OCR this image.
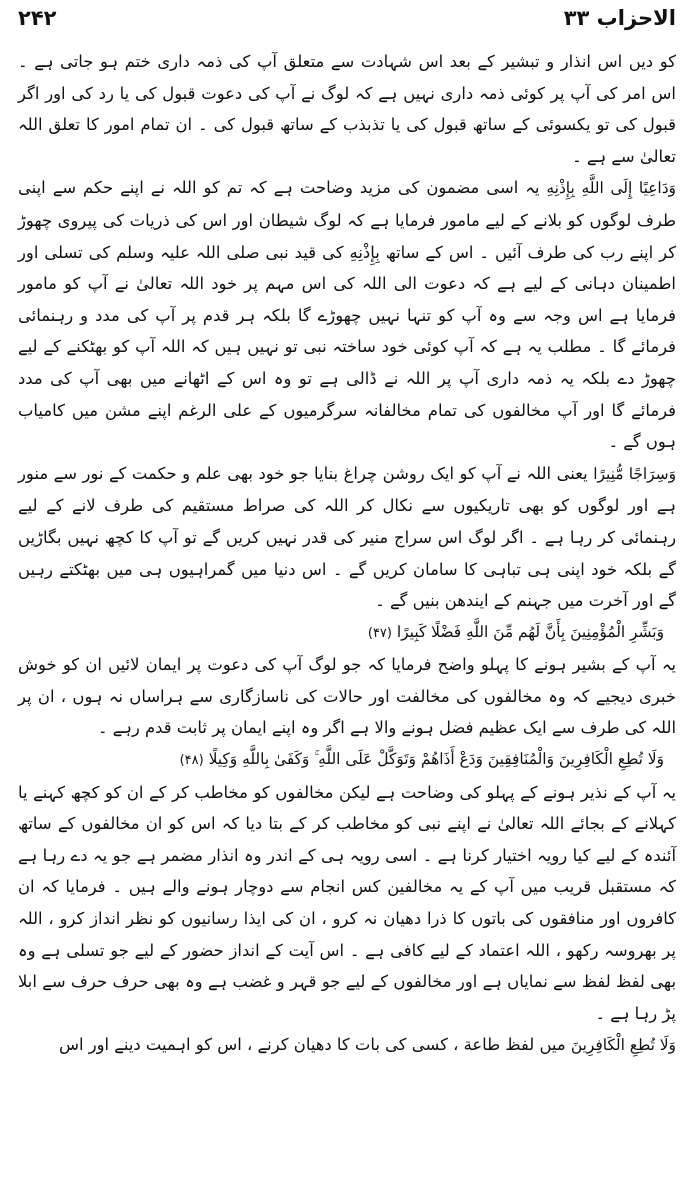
۲۴۲	الاحزاب ۳۳

کو دیں اس انذار و تبشیر کے بعد اس شہادت سے متعلق آپ کی ذمہ داری ختم ہو جاتی ہے ۔ اس امر کی آپ پر کوئی ذمہ داری نہیں ہے کہ لوگ نے آپ کی دعوت قبول کی یا رد کی اور اگر قبول کی تو یکسوئی کے ساتھ قبول کی یا تذبذب کے ساتھ قبول کی ۔ ان تمام امور کا تعلق اللہ تعالیٰ سے ہے ۔

وَدَاعِيًا إِلَى اللَّهِ بِإِذْنِهِ یہ اسی مضمون کی مزید وضاحت ہے کہ تم کو اللہ نے اپنے حکم سے اپنی طرف لوگوں کو بلانے کے لیے مامور فرمایا ہے کہ لوگ شیطان اور اس کی ذریات کی پیروی چھوڑ کر اپنے رب کی طرف آئیں ۔ اس کے ساتھ بِإِذْنِهِ کی قید نبی صلی اللہ علیہ وسلم کی تسلی اور اطمینان دہانی کے لیے ہے کہ دعوت الی اللہ کی اس مہم پر خود اللہ تعالیٰ نے آپ کو مامور فرمایا ہے اس وجہ سے وہ آپ کو تنہا نہیں چھوڑے گا بلکہ ہر قدم پر آپ کی مدد و رہنمائی فرمائے گا ۔ مطلب یہ ہے کہ آپ کوئی خود ساختہ نبی تو نہیں ہیں کہ اللہ آپ کو بھٹکنے کے لیے چھوڑ دے بلکہ یہ ذمہ داری آپ پر اللہ نے ڈالی ہے تو وہ اس کے اٹھانے میں بھی آپ کی مدد فرمائے گا اور آپ مخالفوں کی تمام مخالفانہ سرگرمیوں کے علی الرغم اپنے مشن میں کامیاب ہوں گے ۔

وَسِرَاجًا مُّنِيرًا یعنی اللہ نے آپ کو ایک روشن چراغ بنایا جو خود بھی علم و حکمت کے نور سے منور ہے اور لوگوں کو بھی تاریکیوں سے نکال کر اللہ کی صراط مستقیم کی طرف لانے کے لیے رہنمائی کر رہا ہے ۔ اگر لوگ اس سراج منیر کی قدر نہیں کریں گے تو آپ کا کچھ نہیں بگاڑیں گے بلکہ خود اپنی ہی تباہی کا سامان کریں گے ۔ اس دنیا میں گمراہیوں ہی میں بھٹکتے رہیں گے اور آخرت میں جہنم کے ایندھن بنیں گے ۔

وَبَشِّرِ الْمُؤْمِنِينَ بِأَنَّ لَهُم مِّنَ اللَّهِ فَضْلًا كَبِيرًا (۴۷)

یہ آپ کے بشیر ہونے کا پہلو واضح فرمایا کہ جو لوگ آپ کی دعوت پر ایمان لائیں ان کو خوش خبری دیجیے کہ وہ مخالفوں کی مخالفت اور حالات کی ناسازگاری سے ہراساں نہ ہوں ، ان پر اللہ کی طرف سے ایک عظیم فضل ہونے والا ہے اگر وہ اپنے ایمان پر ثابت قدم رہے ۔

وَلَا تُطِعِ الْكَافِرِينَ وَالْمُنَافِقِينَ وَدَعْ أَذَاهُمْ وَتَوَكَّلْ عَلَى اللَّهِ ۚ وَكَفَىٰ بِاللَّهِ وَكِيلًا (۴۸)

یہ آپ کے نذیر ہونے کے پہلو کی وضاحت ہے لیکن مخالفوں کو مخاطب کر کے ان کو کچھ کہنے یا کہلانے کے بجائے اللہ تعالیٰ نے اپنے نبی کو مخاطب کر کے بتا دیا کہ اس کو ان مخالفوں کے ساتھ آئندہ کے لیے کیا رویہ اختیار کرنا ہے ۔ اسی رویہ ہی کے اندر وہ انذار مضمر ہے جو یہ دے رہا ہے کہ مستقبل قریب میں آپ کے یہ مخالفین کس انجام سے دوچار ہونے والے ہیں ۔ فرمایا کہ ان کافروں اور منافقوں کی باتوں کا ذرا دھیان نہ کرو ، ان کی ایذا رسانیوں کو نظر انداز کرو ، اللہ پر بھروسہ رکھو ، اللہ اعتماد کے لیے کافی ہے ۔ اس آیت کے انداز حضور کے لیے جو تسلی ہے وہ بھی لفظ لفظ سے نمایاں ہے اور مخالفوں کے لیے جو قہر و غضب ہے وہ بھی حرف حرف سے ابلا پڑ رہا ہے ۔

وَلَا تُطِعِ الْكَافِرِينَ میں لفظ طاعة ، کسی کی بات کا دھیان کرنے ، اس کو اہمیت دینے اور اس
